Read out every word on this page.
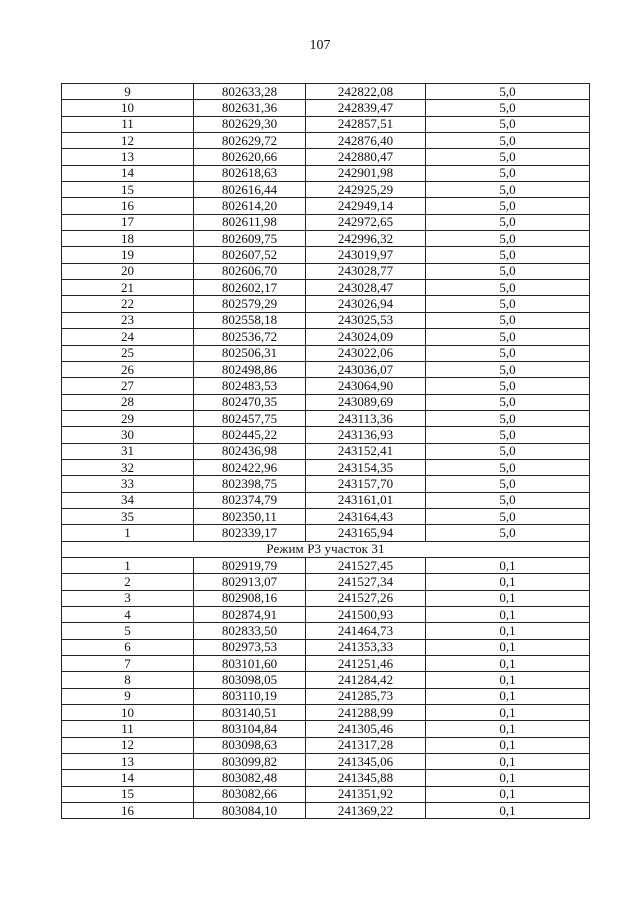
107
9	802633,28	242822,08	5,0
10	802631,36	242839,47	5,0
11	802629,30	242857,51	5,0
12	802629,72	242876,40	5,0
13	802620,66	242880,47	5,0
14	802618,63	242901,98	5,0
15	802616,44	242925,29	5,0
16	802614,20	242949,14	5,0
17	802611,98	242972,65	5,0
18	802609,75	242996,32	5,0
19	802607,52	243019,97	5,0
20	802606,70	243028,77	5,0
21	802602,17	243028,47	5,0
22	802579,29	243026,94	5,0
23	802558,18	243025,53	5,0
24	802536,72	243024,09	5,0
25	802506,31	243022,06	5,0
26	802498,86	243036,07	5,0
27	802483,53	243064,90	5,0
28	802470,35	243089,69	5,0
29	802457,75	243113,36	5,0
30	802445,22	243136,93	5,0
31	802436,98	243152,41	5,0
32	802422,96	243154,35	5,0
33	802398,75	243157,70	5,0
34	802374,79	243161,01	5,0
35	802350,11	243164,43	5,0
1	802339,17	243165,94	5,0
Режим Р3 участок 31			
1	802919,79	241527,45	0,1
2	802913,07	241527,34	0,1
3	802908,16	241527,26	0,1
4	802874,91	241500,93	0,1
5	802833,50	241464,73	0,1
6	802973,53	241353,33	0,1
7	803101,60	241251,46	0,1
8	803098,05	241284,42	0,1
9	803110,19	241285,73	0,1
10	803140,51	241288,99	0,1
11	803104,84	241305,46	0,1
12	803098,63	241317,28	0,1
13	803099,82	241345,06	0,1
14	803082,48	241345,88	0,1
15	803082,66	241351,92	0,1
16	803084,10	241369,22	0,1
